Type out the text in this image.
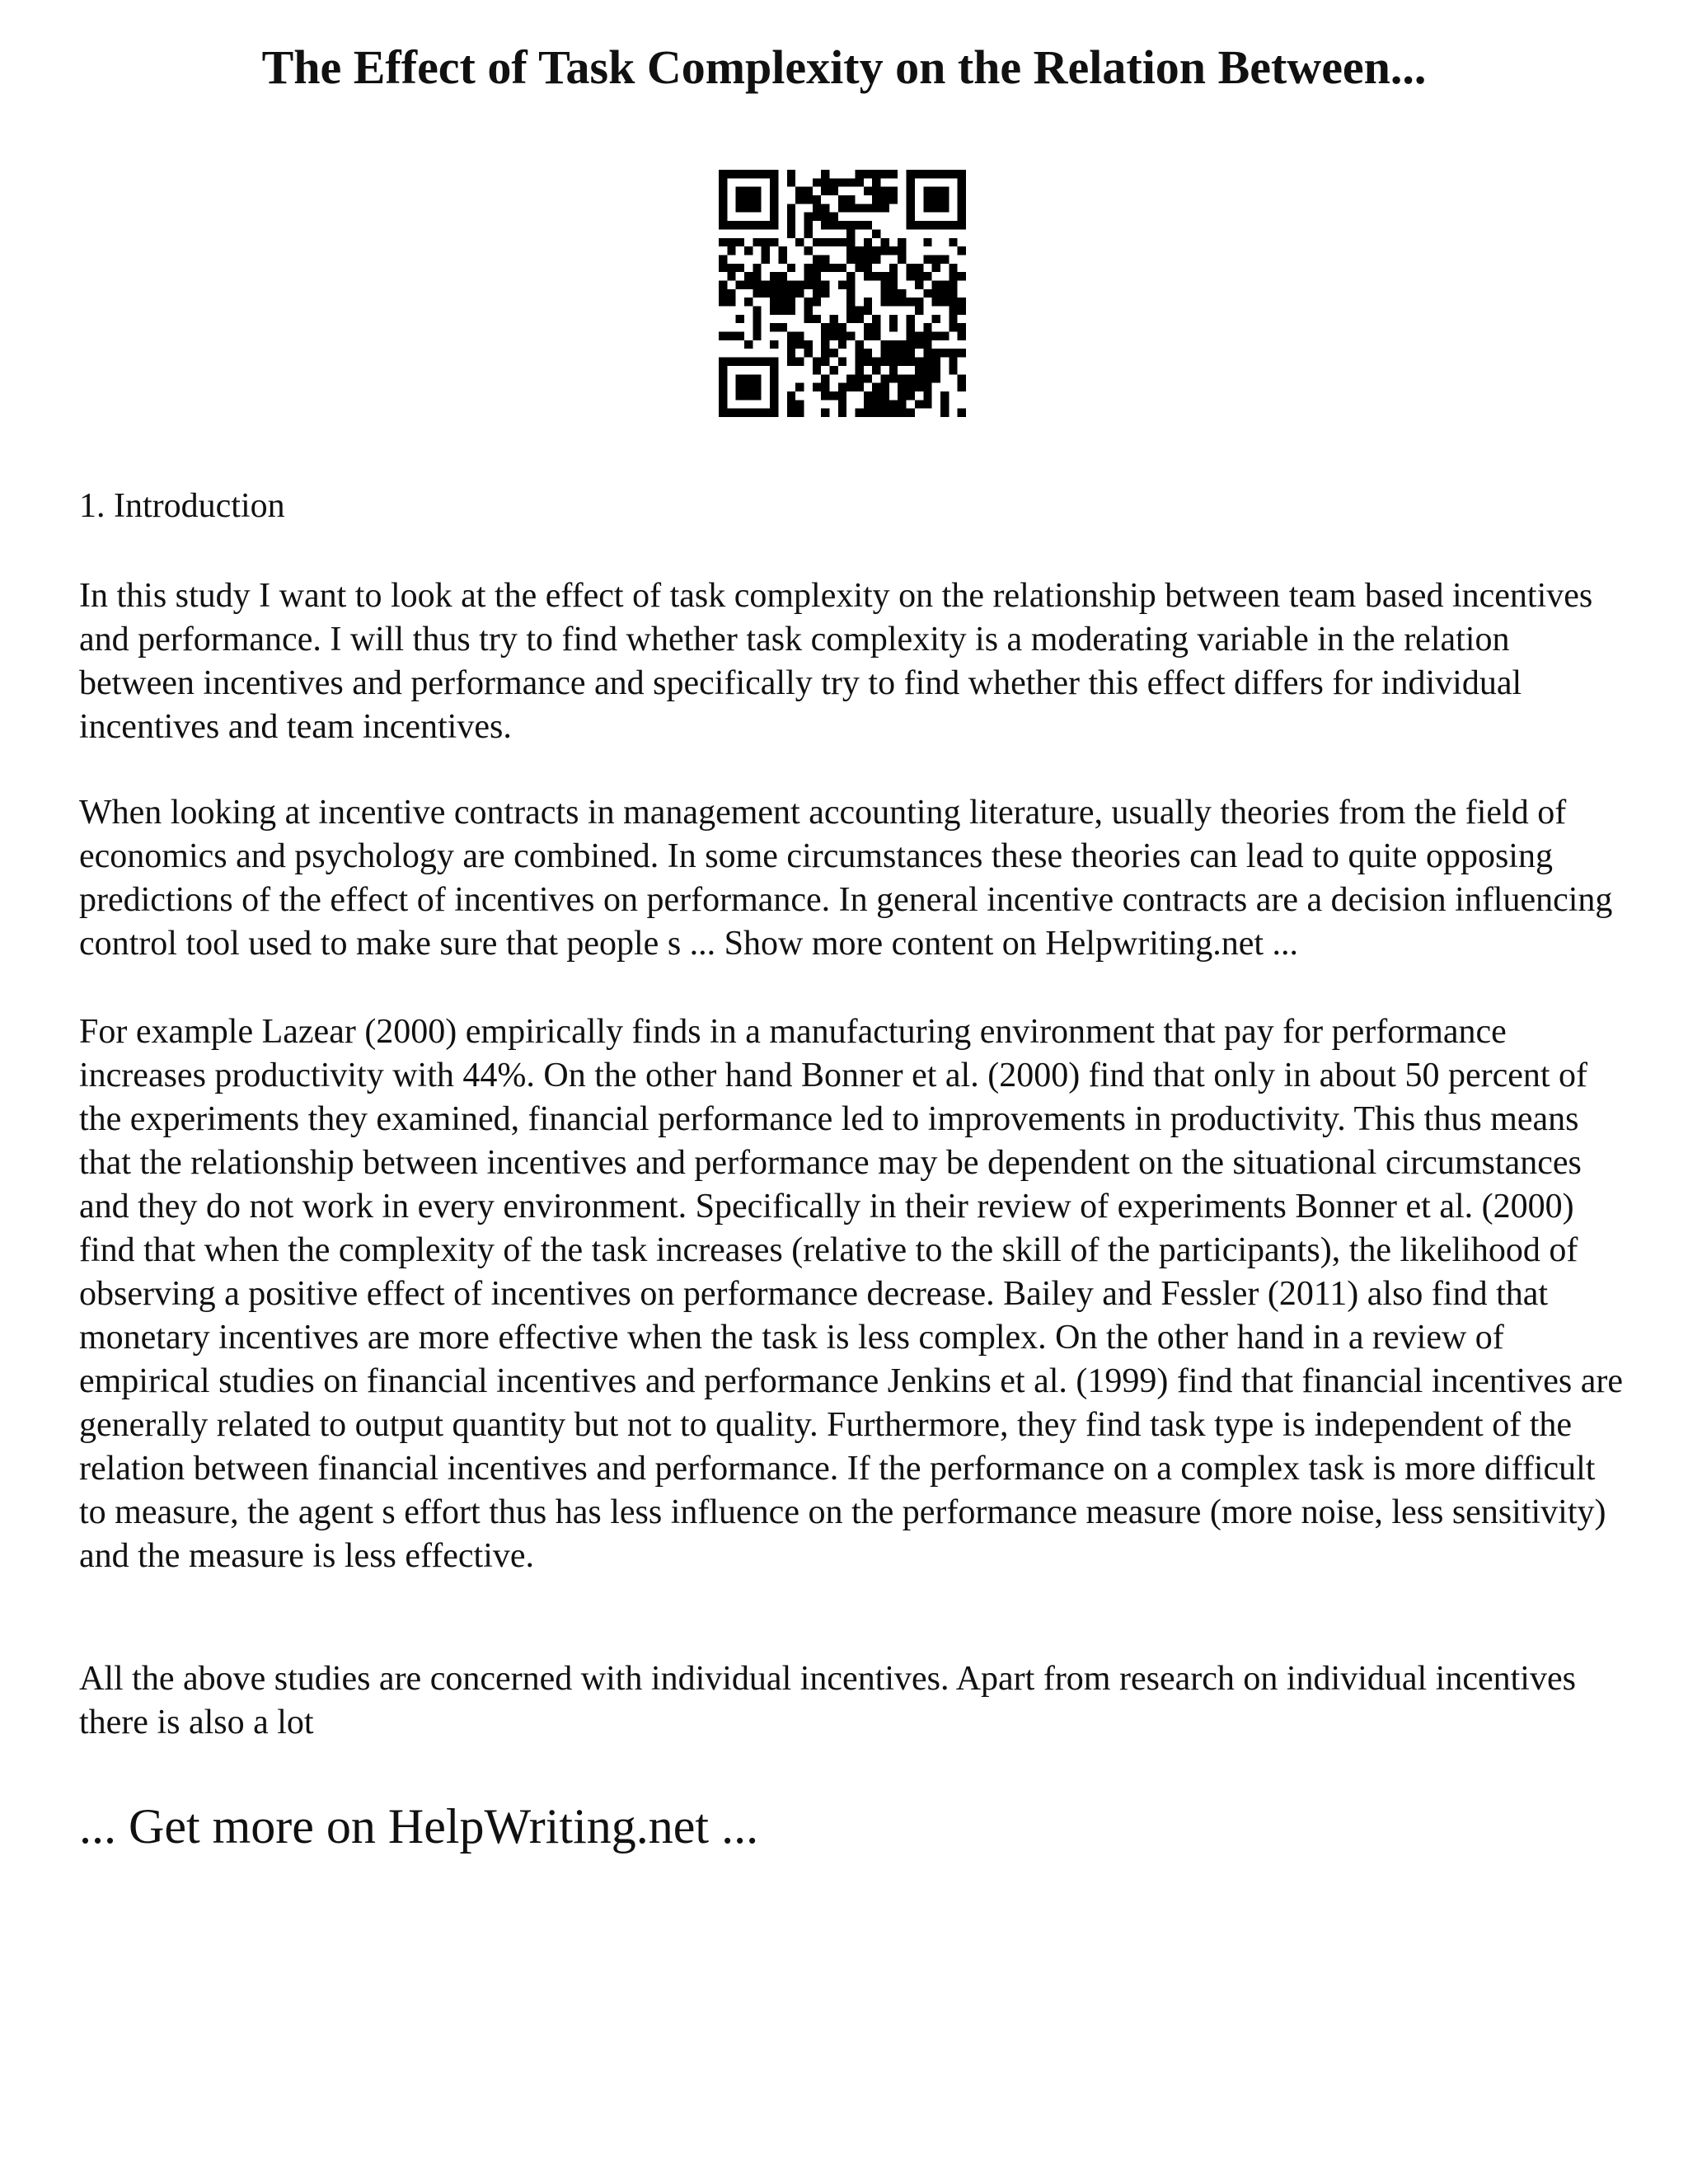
The Effect of Task Complexity on the Relation Between...

1. Introduction

In this study I want to look at the effect of task complexity on the relationship between team based incentives and performance. I will thus try to find whether task complexity is a moderating variable in the relation between incentives and performance and specifically try to find whether this effect differs for individual incentives and team incentives.

When looking at incentive contracts in management accounting literature, usually theories from the field of economics and psychology are combined. In some circumstances these theories can lead to quite opposing predictions of the effect of incentives on performance. In general incentive contracts are a decision influencing control tool used to make sure that people s ... Show more content on Helpwriting.net ...

For example Lazear (2000) empirically finds in a manufacturing environment that pay for performance increases productivity with 44%. On the other hand Bonner et al. (2000) find that only in about 50 percent of the experiments they examined, financial performance led to improvements in productivity. This thus means that the relationship between incentives and performance may be dependent on the situational circumstances and they do not work in every environment. Specifically in their review of experiments Bonner et al. (2000) find that when the complexity of the task increases (relative to the skill of the participants), the likelihood of observing a positive effect of incentives on performance decrease. Bailey and Fessler (2011) also find that monetary incentives are more effective when the task is less complex. On the other hand in a review of empirical studies on financial incentives and performance Jenkins et al. (1999) find that financial incentives are generally related to output quantity but not to quality. Furthermore, they find task type is independent of the relation between financial incentives and performance. If the performance on a complex task is more difficult to measure, the agent s effort thus has less influence on the performance measure (more noise, less sensitivity) and the measure is less effective.

All the above studies are concerned with individual incentives. Apart from research on individual incentives there is also a lot

... Get more on HelpWriting.net ...
